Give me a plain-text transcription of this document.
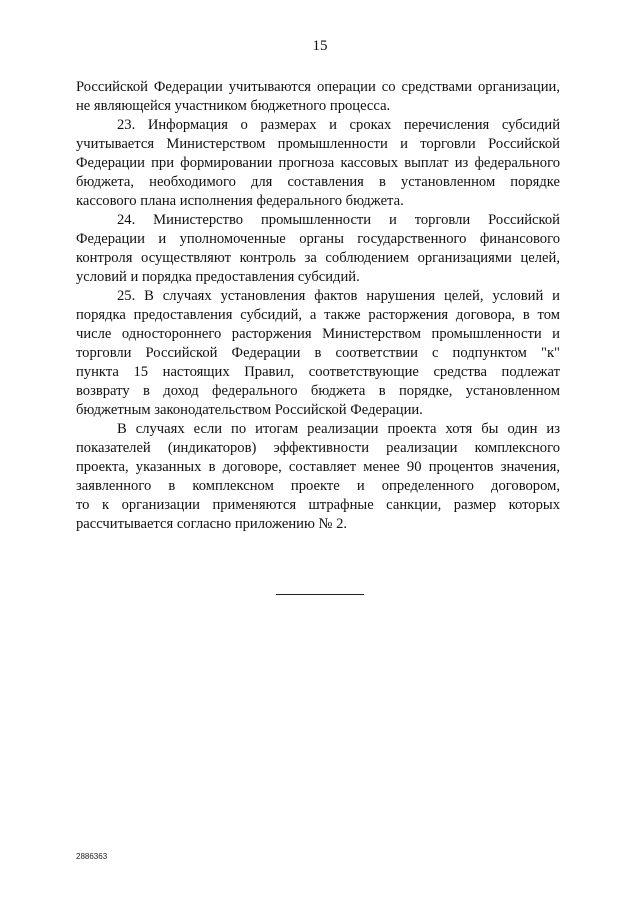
15
Российской Федерации учитываются операции со средствами организации,
не являющейся участником бюджетного процесса.
23. Информация о размерах и сроках перечисления субсидий
учитывается Министерством промышленности и торговли Российской
Федерации при формировании прогноза кассовых выплат из федерального
бюджета, необходимого для составления в установленном порядке
кассового плана исполнения федерального бюджета.
24. Министерство промышленности и торговли Российской
Федерации и уполномоченные органы государственного финансового
контроля осуществляют контроль за соблюдением организациями целей,
условий и порядка предоставления субсидий.
25. В случаях установления фактов нарушения целей, условий и
порядка предоставления субсидий, а также расторжения договора, в том
числе одностороннего расторжения Министерством промышленности и
торговли Российской Федерации в соответствии с подпунктом "к"
пункта 15 настоящих Правил, соответствующие средства подлежат
возврату в доход федерального бюджета в порядке, установленном
бюджетным законодательством Российской Федерации.
В случаях если по итогам реализации проекта хотя бы один из
показателей (индикаторов) эффективности реализации комплексного
проекта, указанных в договоре, составляет менее 90 процентов значения,
заявленного в комплексном проекте и определенного договором,
то к организации применяются штрафные санкции, размер которых
рассчитывается согласно приложению № 2.
2886363
